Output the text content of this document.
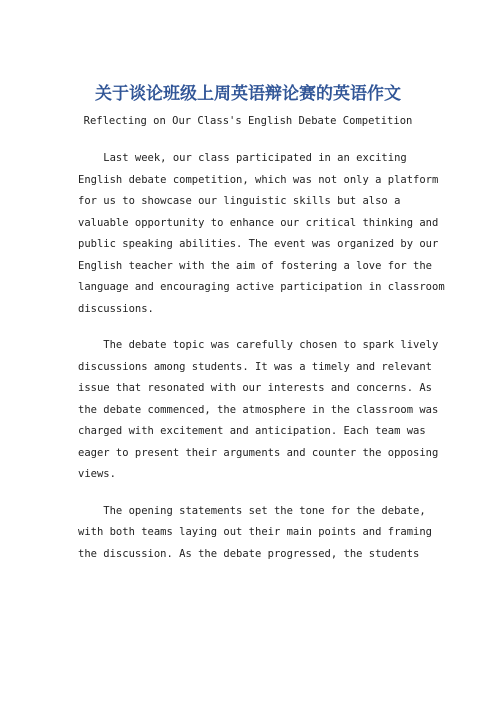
关于谈论班级上周英语辩论赛的英语作文
Reflecting on Our Class's English Debate Competition

Last week, our class participated in an exciting
English debate competition, which was not only a platform
for us to showcase our linguistic skills but also a
valuable opportunity to enhance our critical thinking and
public speaking abilities. The event was organized by our
English teacher with the aim of fostering a love for the
language and encouraging active participation in classroom
discussions.

The debate topic was carefully chosen to spark lively
discussions among students. It was a timely and relevant
issue that resonated with our interests and concerns. As
the debate commenced, the atmosphere in the classroom was
charged with excitement and anticipation. Each team was
eager to present their arguments and counter the opposing
views.

The opening statements set the tone for the debate,
with both teams laying out their main points and framing
the discussion. As the debate progressed, the students
